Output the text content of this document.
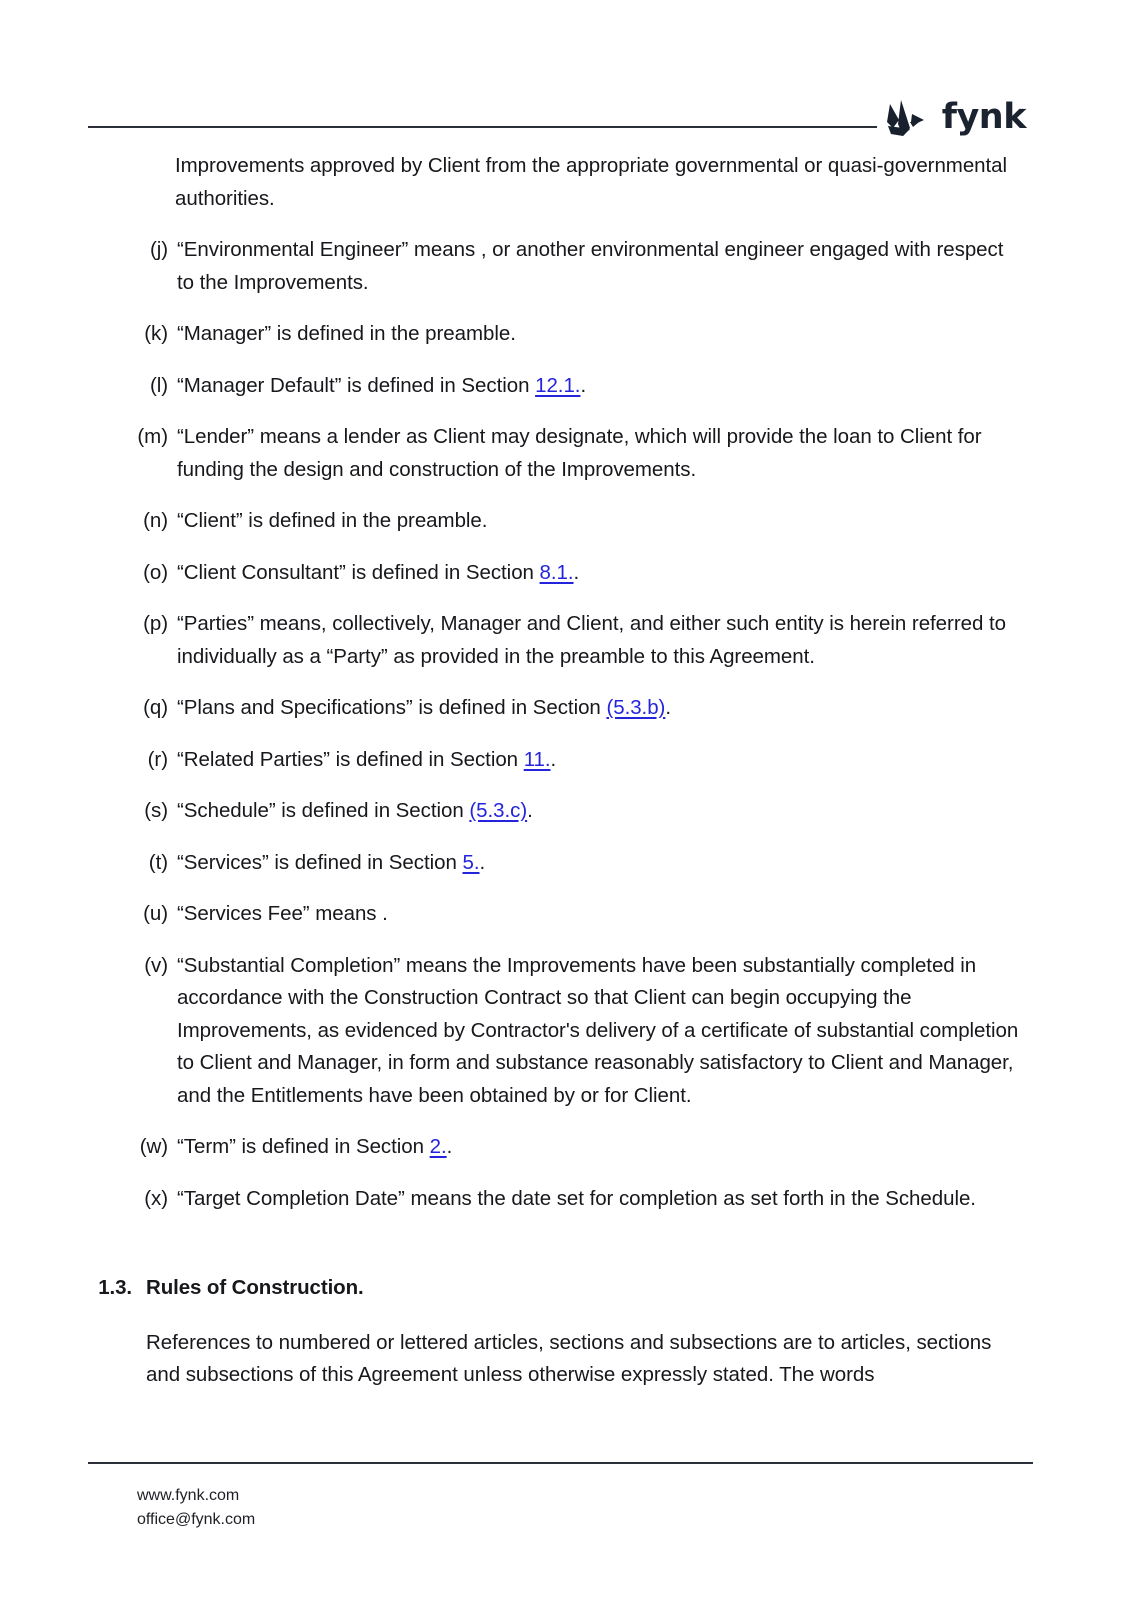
fynk

Improvements approved by Client from the appropriate governmental or quasi-governmental authorities.

(j) “Environmental Engineer” means , or another environmental engineer engaged with respect to the Improvements.
(k) “Manager” is defined in the preamble.
(l) “Manager Default” is defined in Section 12.1..
(m) “Lender” means a lender as Client may designate, which will provide the loan to Client for funding the design and construction of the Improvements.
(n) “Client” is defined in the preamble.
(o) “Client Consultant” is defined in Section 8.1..
(p) “Parties” means, collectively, Manager and Client, and either such entity is herein referred to individually as a “Party” as provided in the preamble to this Agreement.
(q) “Plans and Specifications” is defined in Section (5.3.b).
(r) “Related Parties” is defined in Section 11..
(s) “Schedule” is defined in Section (5.3.c).
(t) “Services” is defined in Section 5..
(u) “Services Fee” means .
(v) “Substantial Completion” means the Improvements have been substantially completed in accordance with the Construction Contract so that Client can begin occupying the Improvements, as evidenced by Contractor's delivery of a certificate of substantial completion to Client and Manager, in form and substance reasonably satisfactory to Client and Manager, and the Entitlements have been obtained by or for Client.
(w) “Term” is defined in Section 2..
(x) “Target Completion Date” means the date set for completion as set forth in the Schedule.
1.3. Rules of Construction.

References to numbered or lettered articles, sections and subsections are to articles, sections and subsections of this Agreement unless otherwise expressly stated. The words

www.fynk.com
office@fynk.com
